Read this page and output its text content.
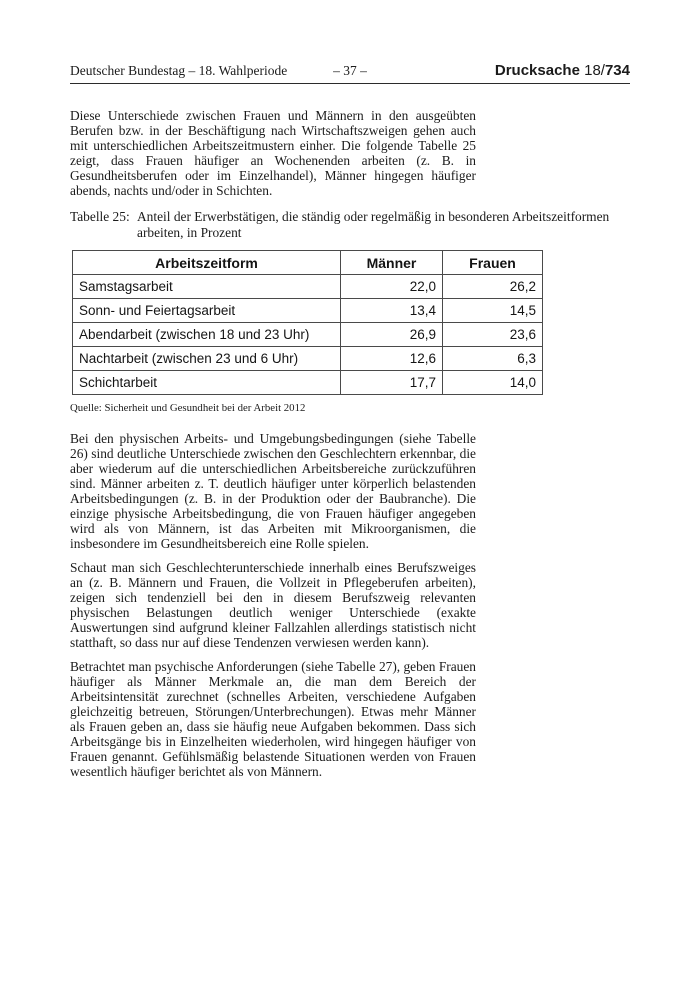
Deutscher Bundestag – 18. Wahlperiode	– 37 –	Drucksache 18/734

Diese Unterschiede zwischen Frauen und Männern in den ausgeübten Berufen bzw. in der Beschäftigung nach Wirtschaftszweigen gehen auch mit unterschiedlichen Arbeitszeitmustern einher. Die folgende Tabelle 25 zeigt, dass Frauen häufiger an Wochenenden arbeiten (z. B. in Gesundheitsberufen oder im Einzelhandel), Männer hingegen häufiger abends, nachts und/oder in Schichten.

Tabelle 25: Anteil der Erwerbstätigen, die ständig oder regelmäßig in besonderen Arbeitszeitformen arbeiten, in Prozent
Arbeitszeitform	Männer	Frauen
Samstagsarbeit	22,0	26,2
Sonn- und Feiertagsarbeit	13,4	14,5
Abendarbeit (zwischen 18 und 23 Uhr)	26,9	23,6
Nachtarbeit (zwischen 23 und 6 Uhr)	12,6	6,3
Schichtarbeit	17,7	14,0
Quelle: Sicherheit und Gesundheit bei der Arbeit 2012

Bei den physischen Arbeits- und Umgebungsbedingungen (siehe Tabelle 26) sind deutliche Unterschiede zwischen den Geschlechtern erkennbar, die aber wiederum auf die unterschiedlichen Arbeitsbereiche zurückzuführen sind. Männer arbeiten z. T. deutlich häufiger unter körperlich belastenden Arbeitsbedingungen (z. B. in der Produktion oder der Baubranche). Die einzige physische Arbeitsbedingung, die von Frauen häufiger angegeben wird als von Männern, ist das Arbeiten mit Mikroorganismen, die insbesondere im Gesundheitsbereich eine Rolle spielen.

Schaut man sich Geschlechterunterschiede innerhalb eines Berufszweiges an (z. B. Männern und Frauen, die Vollzeit in Pflegeberufen arbeiten), zeigen sich tendenziell bei den in diesem Berufszweig relevanten physischen Belastungen deutlich weniger Unterschiede (exakte Auswertungen sind aufgrund kleiner Fallzahlen allerdings statistisch nicht statthaft, so dass nur auf diese Tendenzen verwiesen werden kann).

Betrachtet man psychische Anforderungen (siehe Tabelle 27), geben Frauen häufiger als Männer Merkmale an, die man dem Bereich der Arbeitsintensität zurechnet (schnelles Arbeiten, verschiedene Aufgaben gleichzeitig betreuen, Störungen/Unterbrechungen). Etwas mehr Männer als Frauen geben an, dass sie häufig neue Aufgaben bekommen. Dass sich Arbeitsgänge bis in Einzelheiten wiederholen, wird hingegen häufiger von Frauen genannt. Gefühlsmäßig belastende Situationen werden von Frauen wesentlich häufiger berichtet als von Männern.
